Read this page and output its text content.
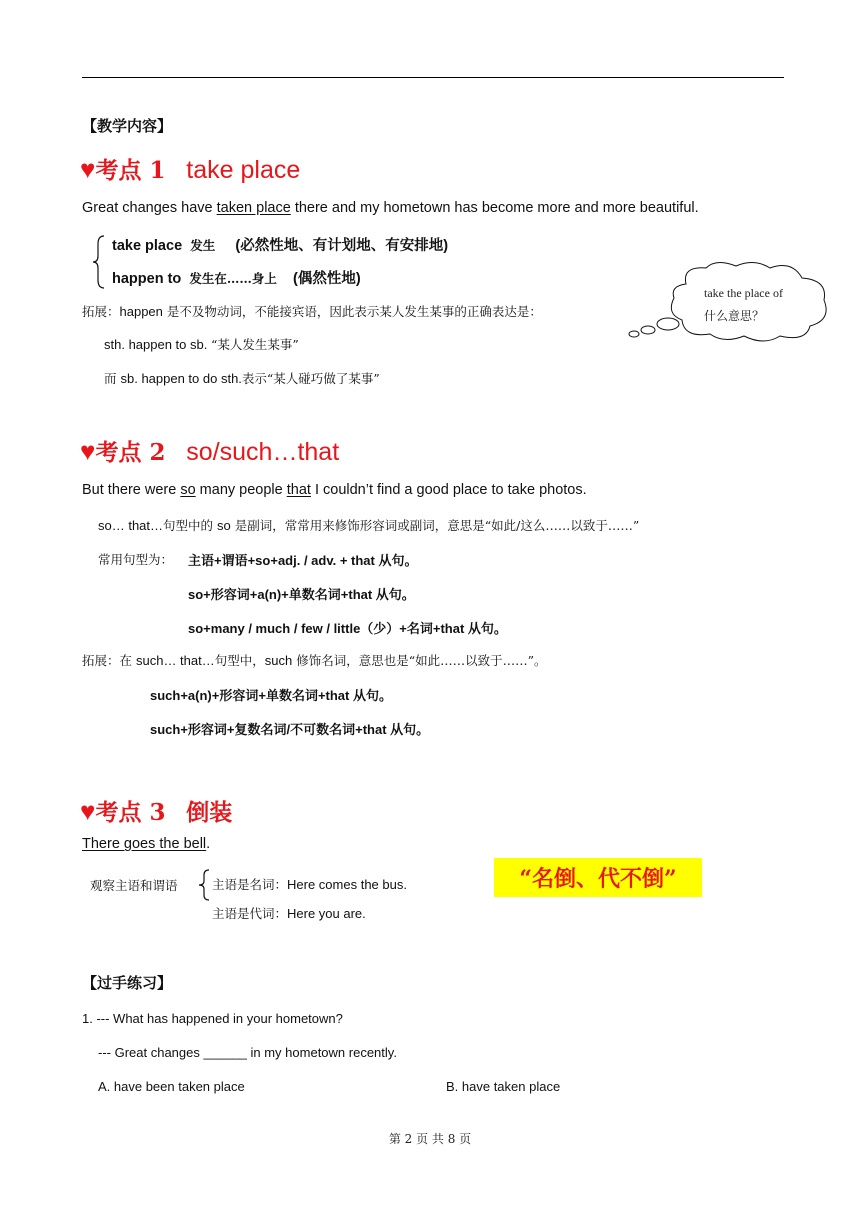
【教学内容】
♥考点 1 take place
Great changes have taken place there and my hometown has become more and more beautiful.
take place 发生 (必然性地、有计划地、有安排地)
happen to 发生在……身上 (偶然性地)
拓展：happen 是不及物动词，不能接宾语，因此表示某人发生某事的正确表达是：
sth. happen to sb. “某人发生某事”
而 sb. happen to do sth.表示“某人碰巧做了某事”
take the place of
什么意思？
♥考点 2 so/such…that
But there were so many people that I couldn’t find a good place to take photos.
so… that…句型中的 so 是副词，常常用来修饰形容词或副词，意思是“如此/这么……以致于……”
常用句型为： 主语+谓语+so+adj. / adv. + that 从句。
so+形容词+a(n)+单数名词+that 从句。
so+many / much / few / little（少）+名词+that 从句。
拓展：在 such… that…句型中，such 修饰名词，意思也是“如此……以致于……”。
such+a(n)+形容词+单数名词+that 从句。
such+形容词+复数名词/不可数名词+that 从句。
♥考点 3 倒装
There goes the bell.
观察主语和谓语	主语是名词：Here comes the bus.
主语是代词：Here you are.
“名倒、代不倒”
【过手练习】
1. --- What has happened in your hometown?
--- Great changes ______ in my hometown recently.
A. have been taken place	B. have taken place
第 2 页 共 8 页
